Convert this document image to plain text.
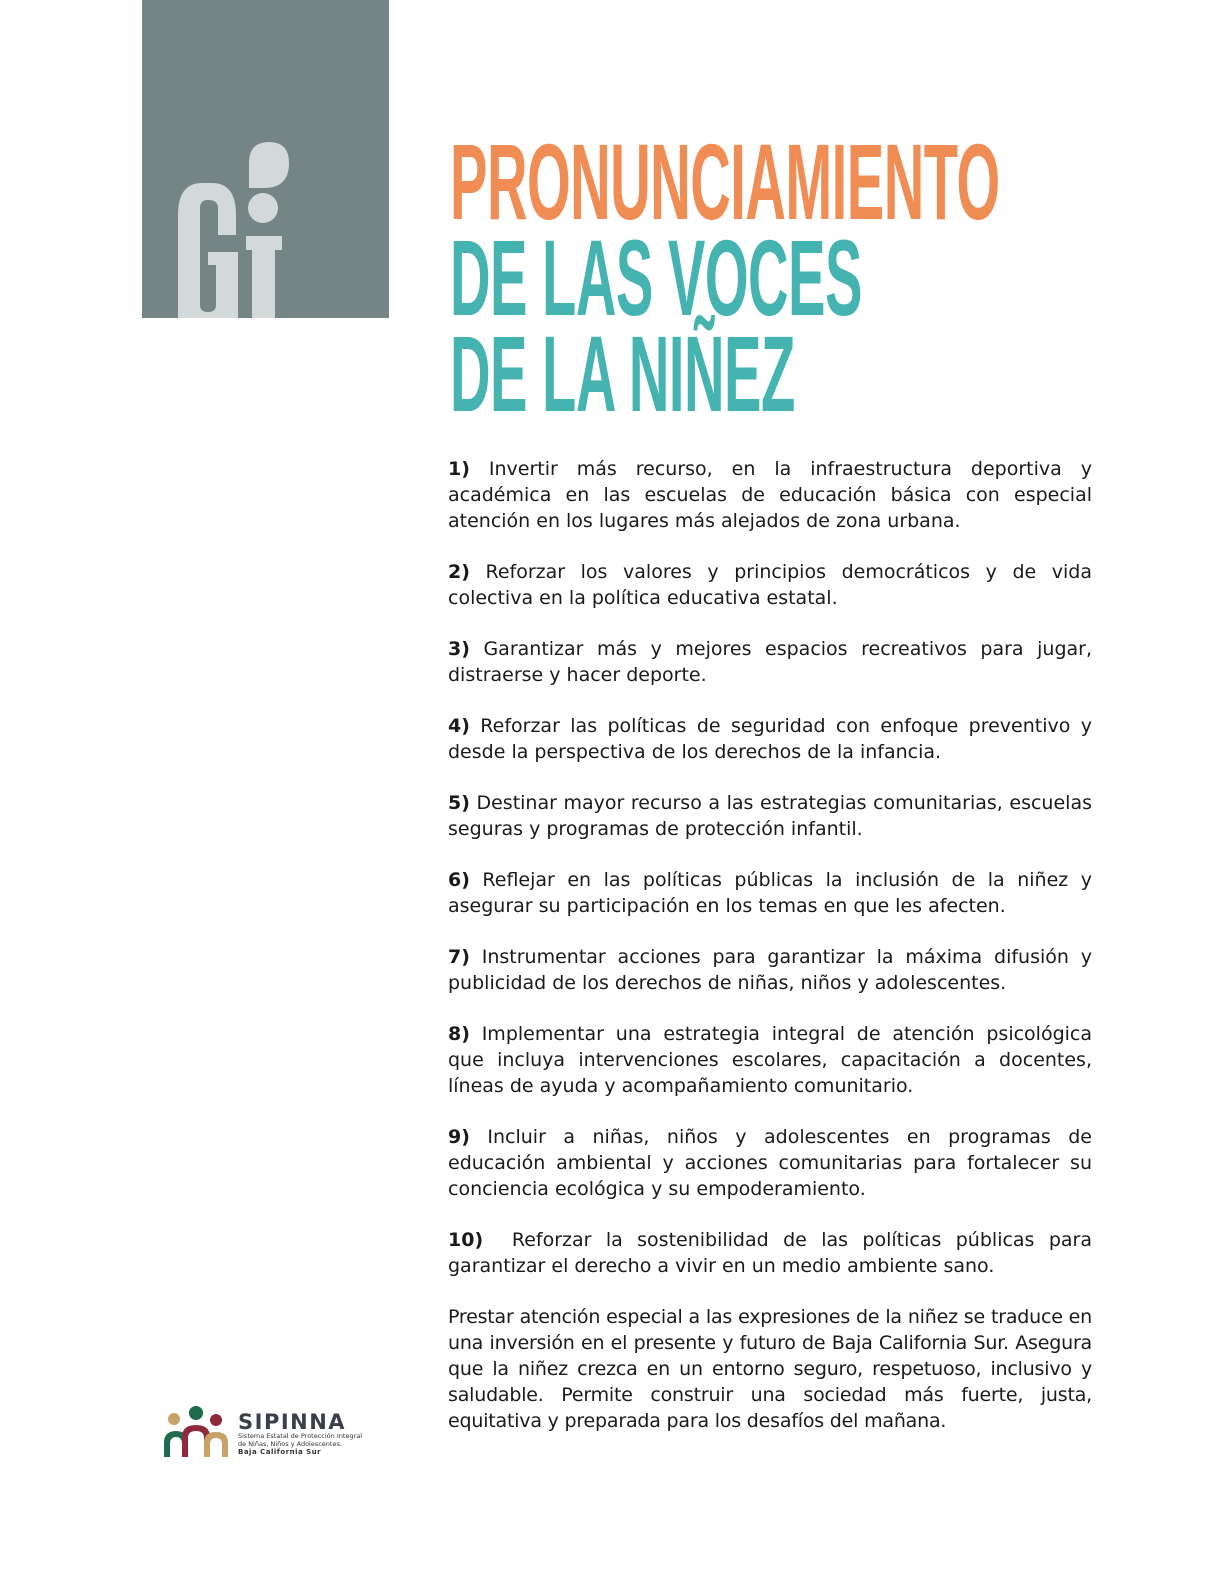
PRONUNCIAMIENTO
DE LAS VOCES
DE LA NIÑEZ

1) Invertir más recurso, en la infraestructura deportiva y académica en las escuelas de educación básica con especial atención en los lugares más alejados de zona urbana.

2) Reforzar los valores y principios democráticos y de vida colectiva en la política educativa estatal.

3) Garantizar más y mejores espacios recreativos para jugar, distraerse y hacer deporte.

4) Reforzar las políticas de seguridad con enfoque preventivo y desde la perspectiva de los derechos de la infancia.

5) Destinar mayor recurso a las estrategias comunitarias, escuelas seguras y programas de protección infantil.

6) Reflejar en las políticas públicas la inclusión de la niñez y asegurar su participación en los temas en que les afecten.

7) Instrumentar acciones para garantizar la máxima difusión y publicidad de los derechos de niñas, niños y adolescentes.

8) Implementar una estrategia integral de atención psicológica que incluya intervenciones escolares, capacitación a docentes, líneas de ayuda y acompañamiento comunitario.

9) Incluir a niñas, niños y adolescentes en programas de educación ambiental y acciones comunitarias para fortalecer su conciencia ecológica y su empoderamiento.

10)  Reforzar la sostenibilidad de las políticas públicas para garantizar el derecho a vivir en un medio ambiente sano.

Prestar atención especial a las expresiones de la niñez se traduce en una inversión en el presente y futuro de Baja California Sur. Asegura que la niñez crezca en un entorno seguro, respetuoso, inclusivo y saludable. Permite construir una sociedad más fuerte, justa, equitativa y preparada para los desafíos del mañana.

SIPINNA
Sistema Estatal de Protección Integral
de Niñas, Niños y Adolescentes.
Baja California Sur
